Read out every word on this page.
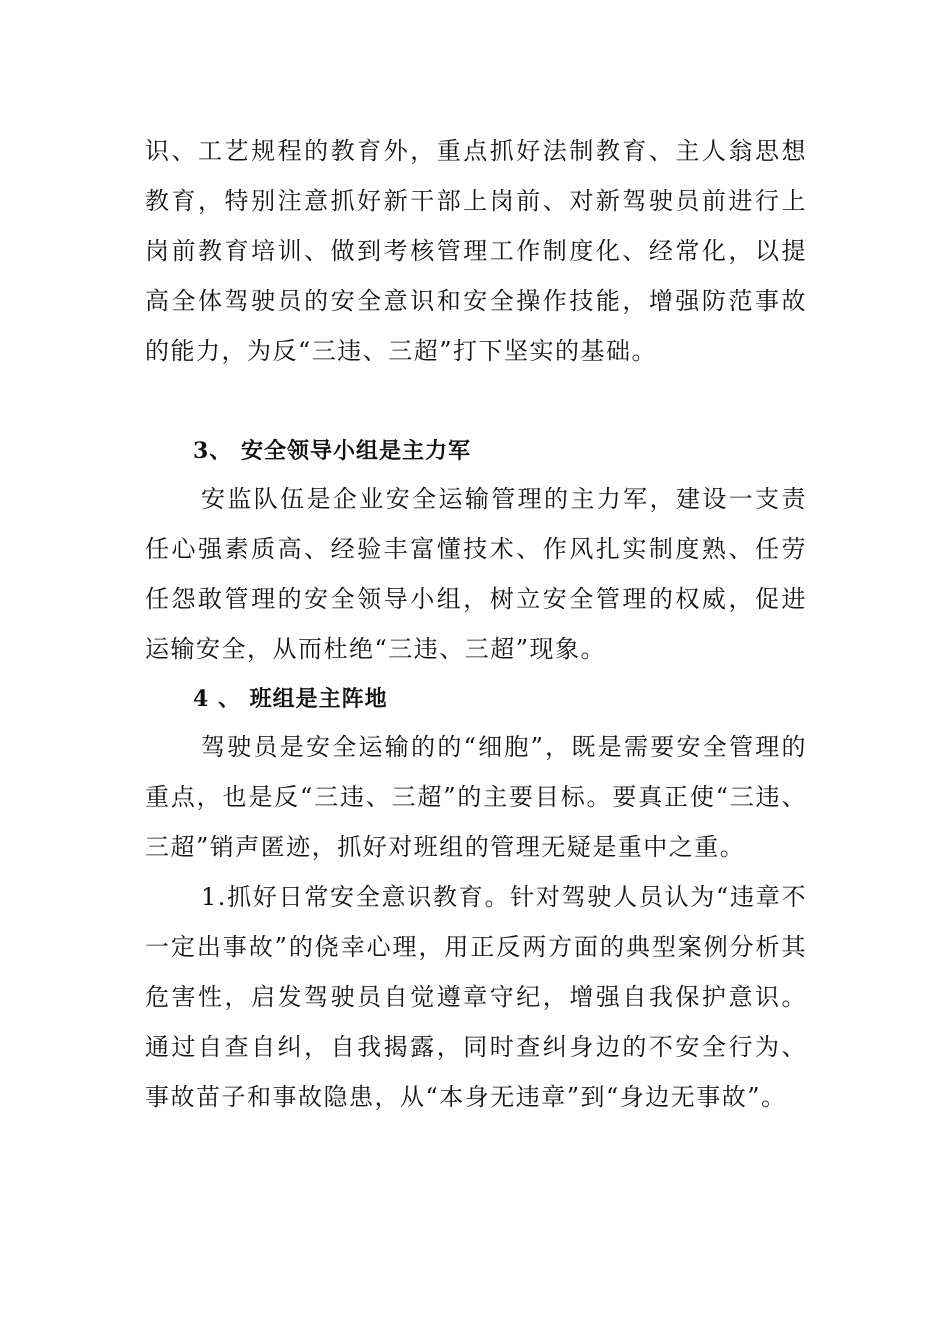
识、工艺规程的教育外，重点抓好法制教育、主人翁思想教育，特别注意抓好新干部上岗前、对新驾驶员前进行上岗前教育培训、做到考核管理工作制度化、经常化，以提高全体驾驶员的安全意识和安全操作技能，增强防范事故的能力，为反“三违、三超”打下坚实的基础。

3、 安全领导小组是主力军

安监队伍是企业安全运输管理的主力军，建设一支责任心强素质高、经验丰富懂技术、作风扎实制度熟、任劳任怨敢管理的安全领导小组，树立安全管理的权威，促进运输安全，从而杜绝“三违、三超”现象。

4 、 班组是主阵地

驾驶员是安全运输的的“细胞”，既是需要安全管理的重点，也是反“三违、三超”的主要目标。要真正使“三违、三超”销声匿迹，抓好对班组的管理无疑是重中之重。

1.抓好日常安全意识教育。针对驾驶人员认为“违章不一定出事故”的侥幸心理，用正反两方面的典型案例分析其危害性，启发驾驶员自觉遵章守纪，增强自我保护意识。通过自查自纠，自我揭露，同时查纠身边的不安全行为、事故苗子和事故隐患，从“本身无违章”到“身边无事故”。
